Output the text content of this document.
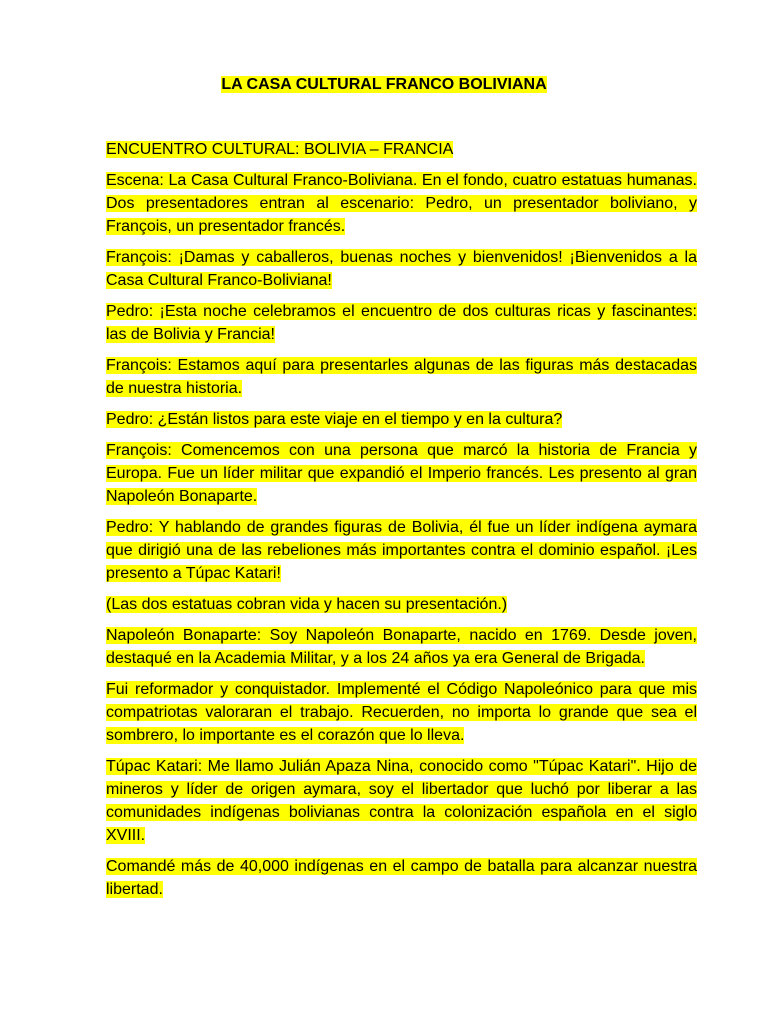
LA CASA CULTURAL FRANCO BOLIVIANA

ENCUENTRO CULTURAL: BOLIVIA – FRANCIA

Escena: La Casa Cultural Franco-Boliviana. En el fondo, cuatro estatuas humanas. Dos presentadores entran al escenario: Pedro, un presentador boliviano, y François, un presentador francés.

François: ¡Damas y caballeros, buenas noches y bienvenidos! ¡Bienvenidos a la Casa Cultural Franco-Boliviana!

Pedro: ¡Esta noche celebramos el encuentro de dos culturas ricas y fascinantes: las de Bolivia y Francia!

François: Estamos aquí para presentarles algunas de las figuras más destacadas de nuestra historia.

Pedro: ¿Están listos para este viaje en el tiempo y en la cultura?

François: Comencemos con una persona que marcó la historia de Francia y Europa. Fue un líder militar que expandió el Imperio francés. Les presento al gran Napoleón Bonaparte.

Pedro: Y hablando de grandes figuras de Bolivia, él fue un líder indígena aymara que dirigió una de las rebeliones más importantes contra el dominio español. ¡Les presento a Túpac Katari!

(Las dos estatuas cobran vida y hacen su presentación.)

Napoleón Bonaparte: Soy Napoleón Bonaparte, nacido en 1769. Desde joven, destaqué en la Academia Militar, y a los 24 años ya era General de Brigada.

Fui reformador y conquistador. Implementé el Código Napoleónico para que mis compatriotas valoraran el trabajo. Recuerden, no importa lo grande que sea el sombrero, lo importante es el corazón que lo lleva.

Túpac Katari: Me llamo Julián Apaza Nina, conocido como "Túpac Katari". Hijo de mineros y líder de origen aymara, soy el libertador que luchó por liberar a las comunidades indígenas bolivianas contra la colonización española en el siglo XVIII.

Comandé más de 40,000 indígenas en el campo de batalla para alcanzar nuestra libertad.
